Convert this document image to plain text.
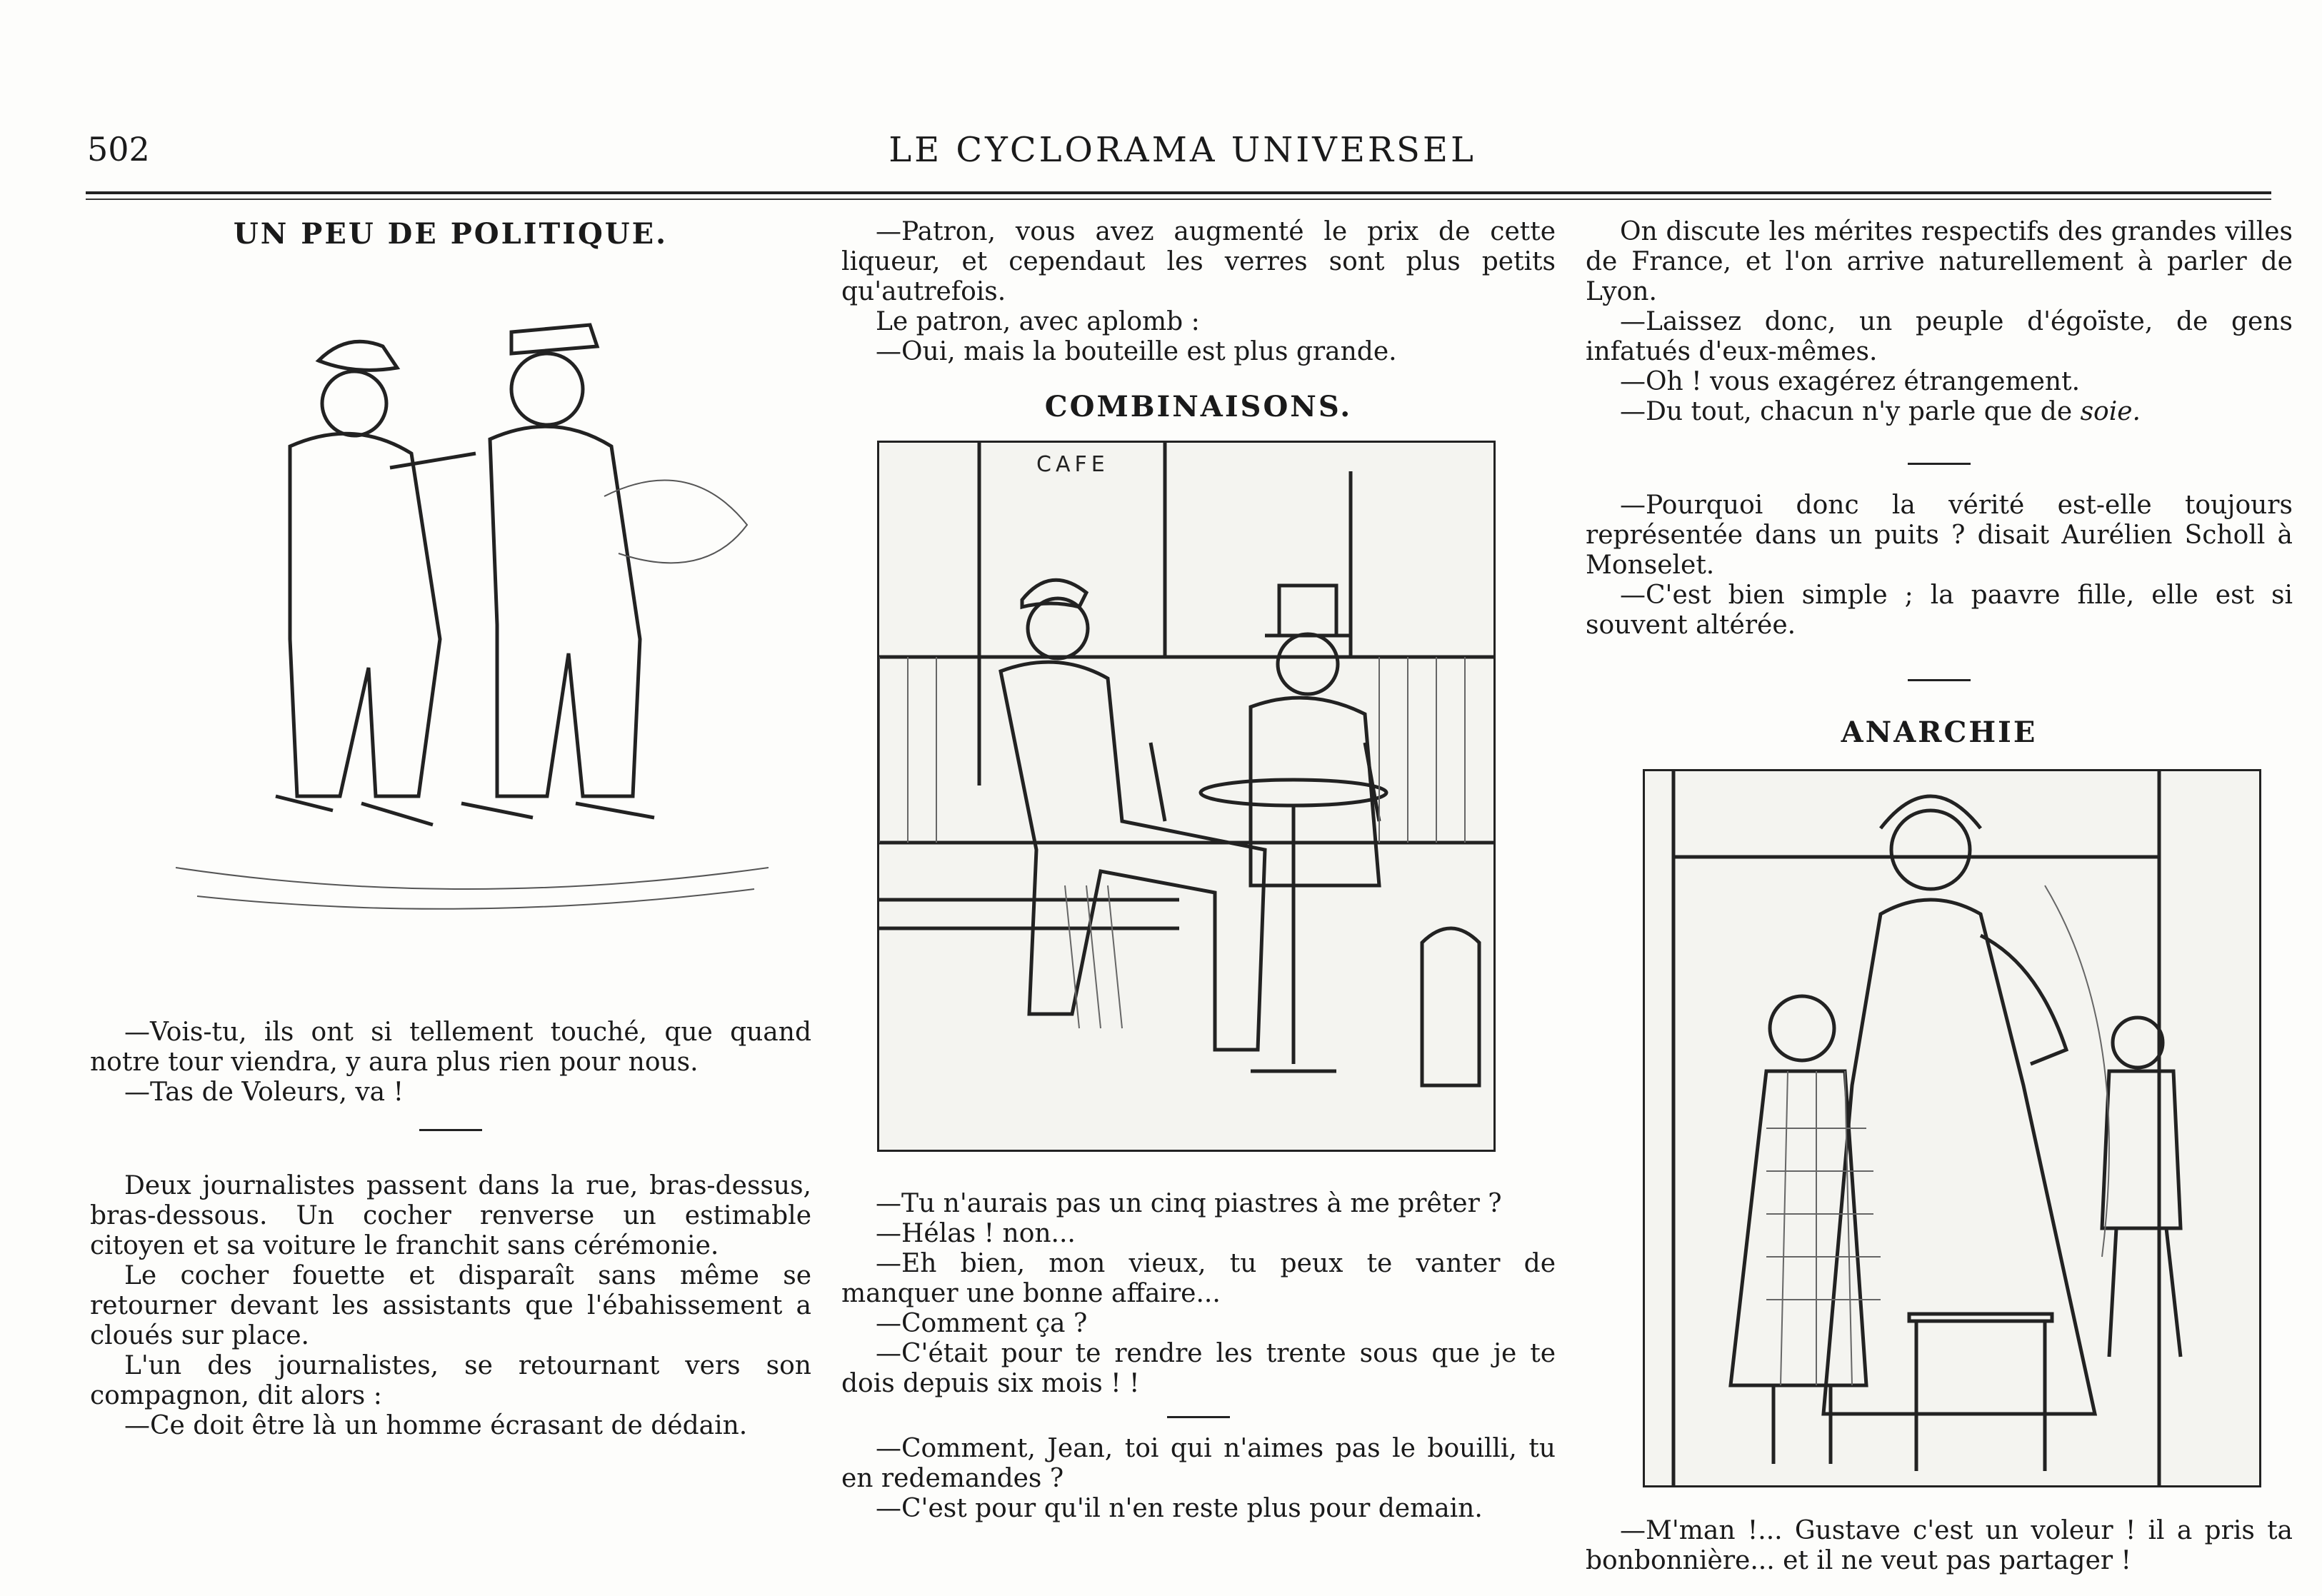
502	LE CYCLORAMA UNIVERSEL
UN PEU DE POLITIQUE.

—Vois-tu, ils ont si tellement touché, que quand notre tour viendra, y aura plus rien pour nous.

—Tas de Voleurs, va !

Deux journalistes passent dans la rue, bras-dessus, bras-dessous. Un cocher renverse un estimable citoyen et sa voiture le franchit sans cérémonie.

Le cocher fouette et disparaît sans même se retourner devant les assistants que l'ébahissement a cloués sur place.

L'un des journalistes, se retournant vers son compagnon, dit alors :

—Ce doit être là un homme écrasant de dédain.

—Patron, vous avez augmenté le prix de cette liqueur, et cependaut les verres sont plus petits qu'autrefois.

Le patron, avec aplomb :

—Oui, mais la bouteille est plus grande.

COMBINAISONS.
CAFE

—Tu n'aurais pas un cinq piastres à me prêter ?

—Hélas ! non...

—Eh bien, mon vieux, tu peux te vanter de manquer une bonne affaire...

—Comment ça ?

—C'était pour te rendre les trente sous que je te dois depuis six mois ! !

—Comment, Jean, toi qui n'aimes pas le bouilli, tu en redemandes ?

—C'est pour qu'il n'en reste plus pour demain.

On discute les mérites respectifs des grandes villes de France, et l'on arrive naturellement à parler de Lyon.

—Laissez donc, un peuple d'égoïste, de gens infatués d'eux-mêmes.

—Oh ! vous exagérez étrangement.

—Du tout, chacun n'y parle que de soie.

—Pourquoi donc la vérité est-elle toujours représentée dans un puits ? disait Aurélien Scholl à Monselet.

—C'est bien simple ; la paavre fille, elle est si souvent altérée.

ANARCHIE

—M'man !... Gustave c'est un voleur ! il a pris ta bonbonnière... et il ne veut pas partager !
